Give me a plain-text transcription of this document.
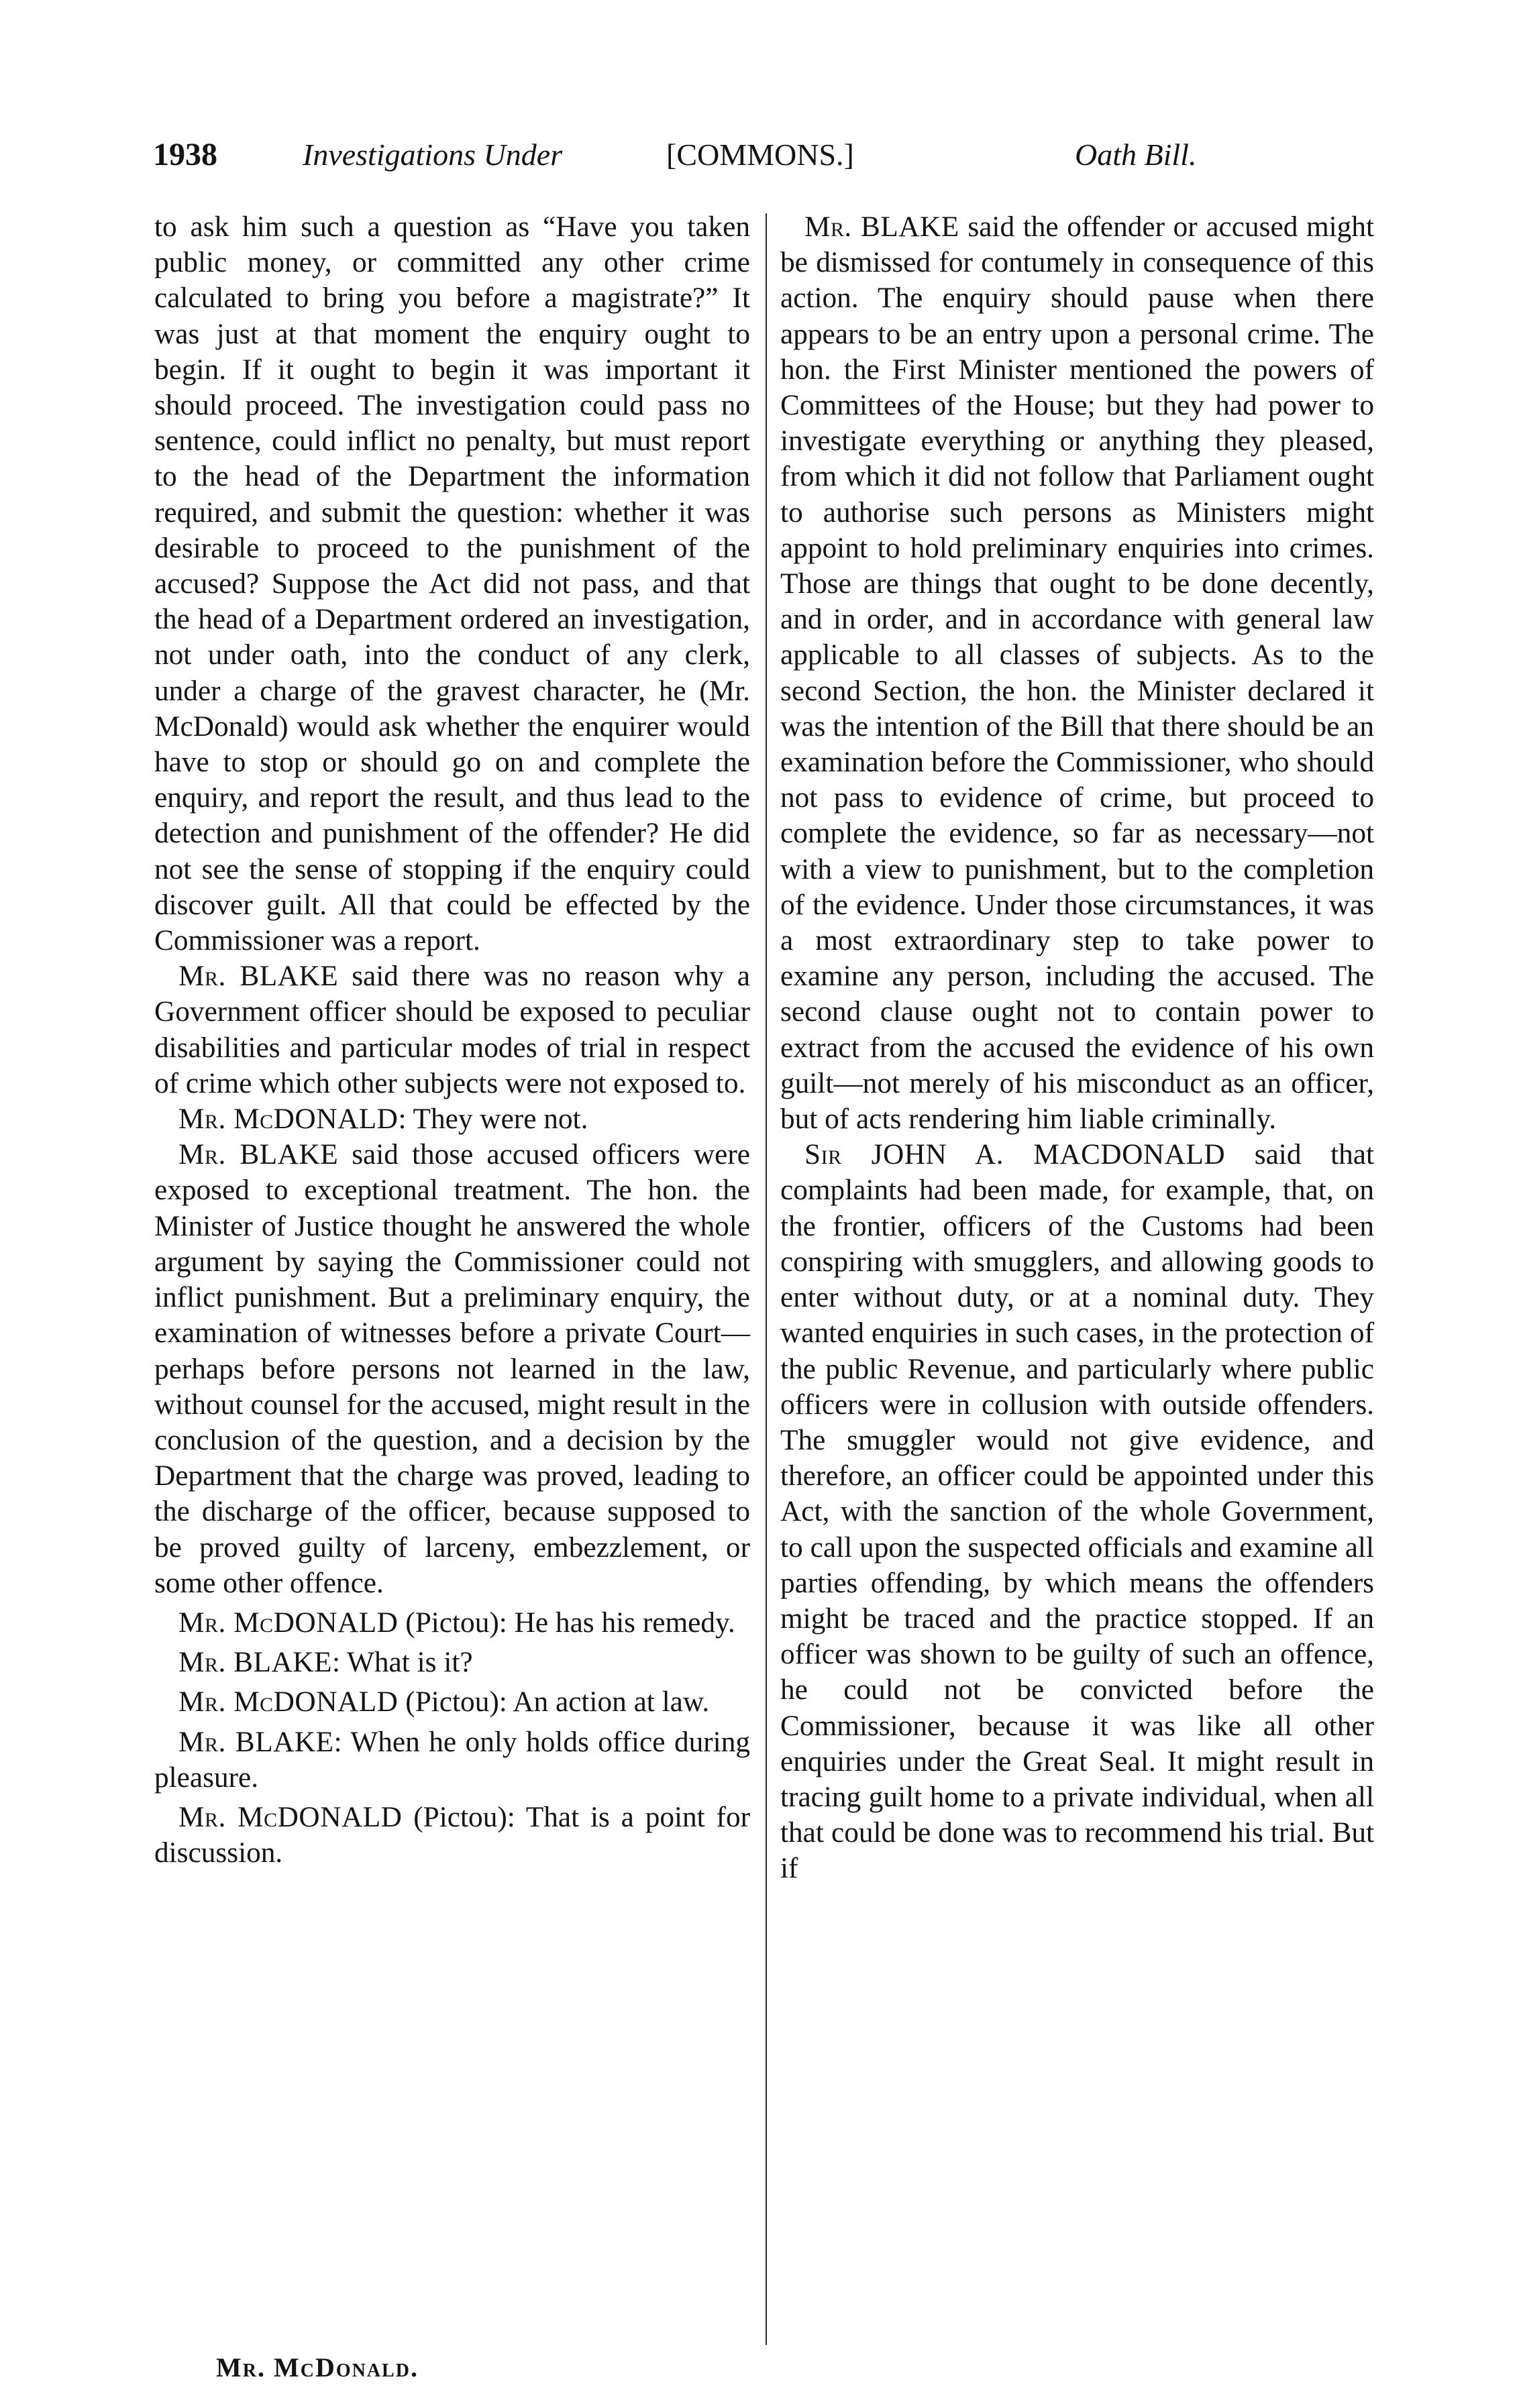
1938	Investigations Under	[COMMONS.]	Oath Bill.

to ask him such a question as “Have you taken public money, or committed any other crime calculated to bring you before a magistrate?” It was just at that moment the enquiry ought to begin. If it ought to begin it was important it should proceed. The investigation could pass no sentence, could inflict no penalty, but must report to the head of the Department the information required, and submit the question: whether it was desirable to proceed to the punishment of the accused? Suppose the Act did not pass, and that the head of a Department ordered an investigation, not under oath, into the conduct of any clerk, under a charge of the gravest character, he (Mr. McDonald) would ask whether the enquirer would have to stop or should go on and complete the enquiry, and report the result, and thus lead to the detection and punishment of the offender? He did not see the sense of stopping if the enquiry could discover guilt. All that could be effected by the Commissioner was a report.

Mr. BLAKE said there was no reason why a Government officer should be exposed to peculiar disabilities and particular modes of trial in respect of crime which other subjects were not exposed to.

Mr. McDONALD: They were not.

Mr. BLAKE said those accused officers were exposed to exceptional treatment. The hon. the Minister of Justice thought he answered the whole argument by saying the Commissioner could not inflict punishment. But a preliminary enquiry, the examination of witnesses before a private Court—perhaps before persons not learned in the law, without counsel for the accused, might result in the conclusion of the question, and a decision by the Department that the charge was proved, leading to the discharge of the officer, because supposed to be proved guilty of larceny, embezzlement, or some other offence.

Mr. McDONALD (Pictou): He has his remedy.

Mr. BLAKE: What is it?

Mr. McDONALD (Pictou): An action at law.

Mr. BLAKE: When he only holds office during pleasure.

Mr. McDONALD (Pictou): That is a point for discussion.

Mr. BLAKE said the offender or accused might be dismissed for contumely in consequence of this action. The enquiry should pause when there appears to be an entry upon a personal crime. The hon. the First Minister mentioned the powers of Committees of the House; but they had power to investigate everything or anything they pleased, from which it did not follow that Parliament ought to authorise such persons as Ministers might appoint to hold preliminary enquiries into crimes. Those are things that ought to be done decently, and in order, and in accordance with general law applicable to all classes of subjects. As to the second Section, the hon. the Minister declared it was the intention of the Bill that there should be an examination before the Commissioner, who should not pass to evidence of crime, but proceed to complete the evidence, so far as necessary—not with a view to punishment, but to the completion of the evidence. Under those circumstances, it was a most extraordinary step to take power to examine any person, including the accused. The second clause ought not to contain power to extract from the accused the evidence of his own guilt—not merely of his misconduct as an officer, but of acts rendering him liable criminally.

Sir JOHN A. MACDONALD said that complaints had been made, for example, that, on the frontier, officers of the Customs had been conspiring with smugglers, and allowing goods to enter without duty, or at a nominal duty. They wanted enquiries in such cases, in the protection of the public Revenue, and particularly where public officers were in collusion with outside offenders. The smuggler would not give evidence, and therefore, an officer could be appointed under this Act, with the sanction of the whole Government, to call upon the suspected officials and examine all parties offending, by which means the offenders might be traced and the practice stopped. If an officer was shown to be guilty of such an offence, he could not be convicted before the Commissioner, because it was like all other enquiries under the Great Seal. It might result in tracing guilt home to a private individual, when all that could be done was to recommend his trial. But if

Mr. McDonald.
